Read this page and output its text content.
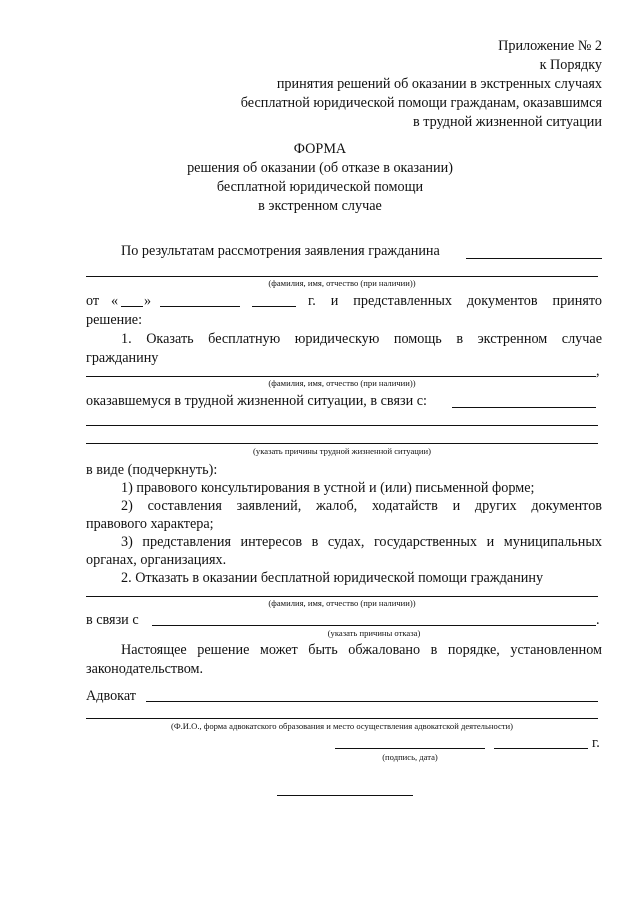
Приложение № 2
к Порядку
принятия решений об оказании в экстренных случаях
бесплатной юридической помощи гражданам, оказавшимся
в трудной жизненной ситуации
ФОРМА
решения об оказании (об отказе в оказании)
бесплатной юридической помощи
в экстренном случае
По результатам рассмотрения заявления гражданина
(фамилия, имя, отчество (при наличии))
от « »	г. и представленных документов принято
решение:
1. Оказать бесплатную юридическую помощь в экстренном случае
гражданину
,
(фамилия, имя, отчество (при наличии))
оказавшемуся в трудной жизненной ситуации, в связи с:
(указать причины трудной жизненной ситуации)
в виде (подчеркнуть):
1) правового консультирования в устной и (или) письменной форме;
2) составления заявлений, жалоб, ходатайств и других документов
правового характера;
3) представления интересов в судах, государственных и муниципальных
органах, организациях.
2. Отказать в оказании бесплатной юридической помощи гражданину
(фамилия, имя, отчество (при наличии))
в связи с	.
(указать причины отказа)
Настоящее решение может быть обжаловано в порядке, установленном
законодательством.
Адвокат
(Ф.И.О., форма адвокатского образования и место осуществления адвокатской деятельности)
г.
(подпись, дата)
